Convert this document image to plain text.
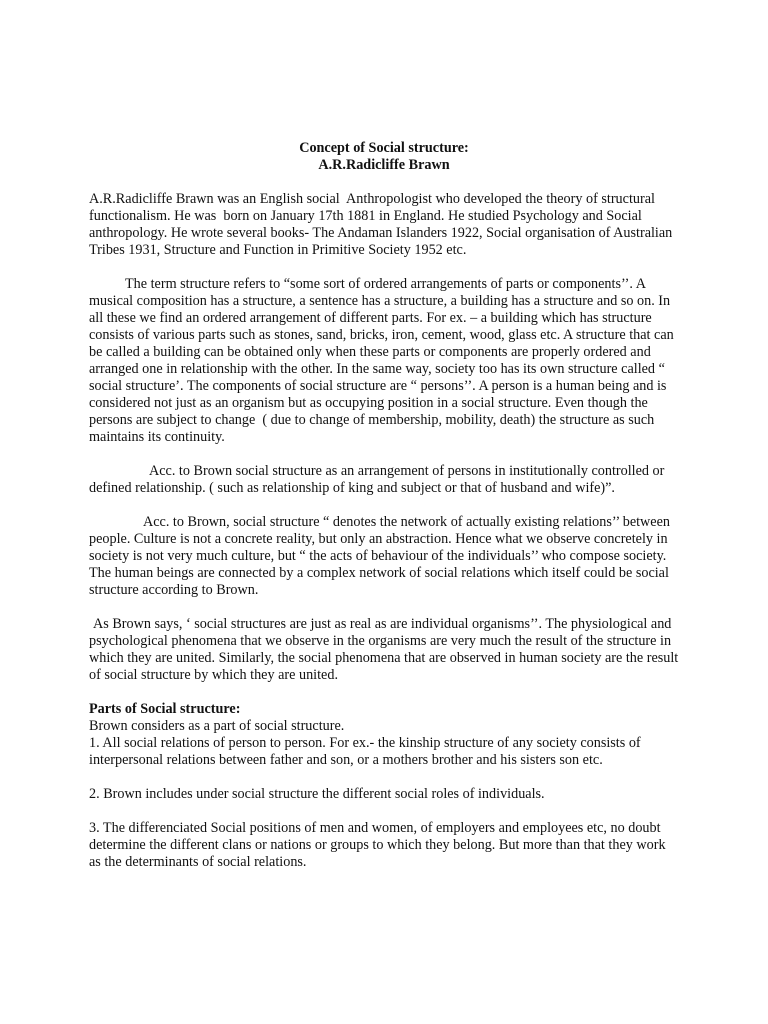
Concept of Social structure:
A.R.Radicliffe Brawn

A.R.Radicliffe Brawn was an English social  Anthropologist who developed the theory of structural functionalism. He was  born on January 17th 1881 in England. He studied Psychology and Social anthropology. He wrote several books- The Andaman Islanders 1922, Social organisation of Australian Tribes 1931, Structure and Function in Primitive Society 1952 etc.

The term structure refers to “some sort of ordered arrangements of parts or components’’. A musical composition has a structure, a sentence has a structure, a building has a structure and so on. In all these we find an ordered arrangement of different parts. For ex. – a building which has structure consists of various parts such as stones, sand, bricks, iron, cement, wood, glass etc. A structure that can be called a building can be obtained only when these parts or components are properly ordered and arranged one in relationship with the other. In the same way, society too has its own structure called “ social structure’. The components of social structure are “ persons’’. A person is a human being and is considered not just as an organism but as occupying position in a social structure. Even though the persons are subject to change  ( due to change of membership, mobility, death) the structure as such maintains its continuity.

Acc. to Brown social structure as an arrangement of persons in institutionally controlled or defined relationship. ( such as relationship of king and subject or that of husband and wife)”.

Acc. to Brown, social structure “ denotes the network of actually existing relations’’ between people. Culture is not a concrete reality, but only an abstraction. Hence what we observe concretely in society is not very much culture, but “ the acts of behaviour of the individuals’’ who compose society. The human beings are connected by a complex network of social relations which itself could be social structure according to Brown.

As Brown says, ‘ social structures are just as real as are individual organisms’’. The physiological and psychological phenomena that we observe in the organisms are very much the result of the structure in which they are united. Similarly, the social phenomena that are observed in human society are the result of social structure by which they are united.

Parts of Social structure:
Brown considers as a part of social structure.

1. All social relations of person to person. For ex.- the kinship structure of any society consists of interpersonal relations between father and son, or a mothers brother and his sisters son etc.

2. Brown includes under social structure the different social roles of individuals.

3. The differenciated Social positions of men and women, of employers and employees etc, no doubt determine the different clans or nations or groups to which they belong. But more than that they work as the determinants of social relations.
